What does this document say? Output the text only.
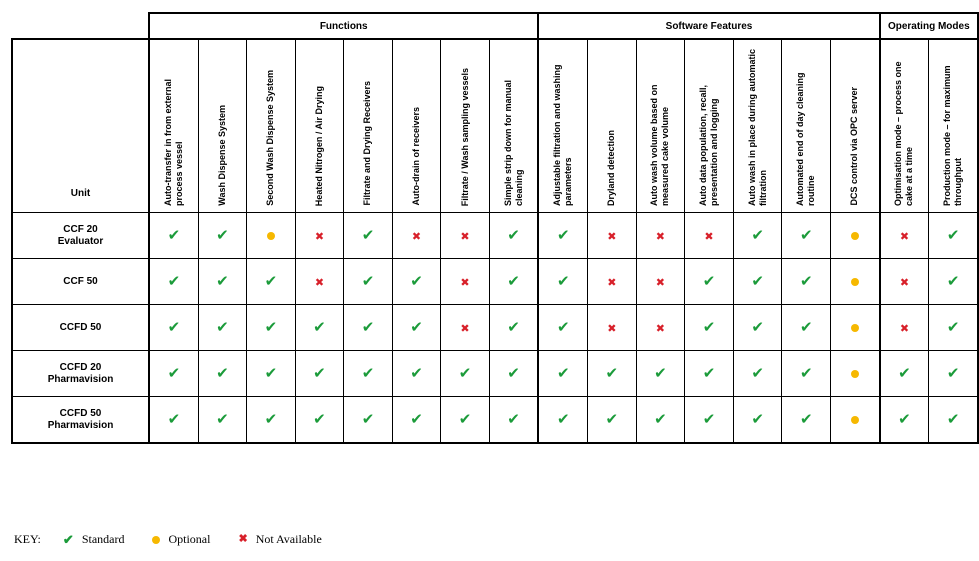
	Functions								Software Features							Operating Modes	
Unit	Auto-transfer in from external process vessel	Wash Dispense System	Second Wash Dispense System	Heated Nitrogen / Air Drying	Filtrate and Drying Receivers	Auto-drain of receivers	Filtrate / Wash sampling vessels	Simple strip down for manual cleaning	Adjustable filtration and washing parameters	Dryland detection	Auto wash volume based on measured cake volume	Auto data population, recall, presentation and logging	Auto wash in place during automatic filtration	Automated end of day cleaning routine	DCS control via OPC server	Optimisation mode – process one cake at a time	Production mode – for maximum throughput

CCF 20
Evaluator	✔	✔		✖	✔	✖	✖	✔	✔	✖	✖	✖	✔	✔		✖	✔

CCF 50	✔	✔	✔	✖	✔	✔	✖	✔	✔	✖	✖	✔	✔	✔		✖	✔

CCFD 50	✔	✔	✔	✔	✔	✔	✖	✔	✔	✖	✖	✔	✔	✔		✖	✔

CCFD 20
Pharmavision	✔	✔	✔	✔	✔	✔	✔	✔	✔	✔	✔	✔	✔	✔		✔	✔

CCFD 50
Pharmavision	✔	✔	✔	✔	✔	✔	✔	✔	✔	✔	✔	✔	✔	✔		✔	✔
KEY: ✔ Standard	Optional	✖ Not Available
